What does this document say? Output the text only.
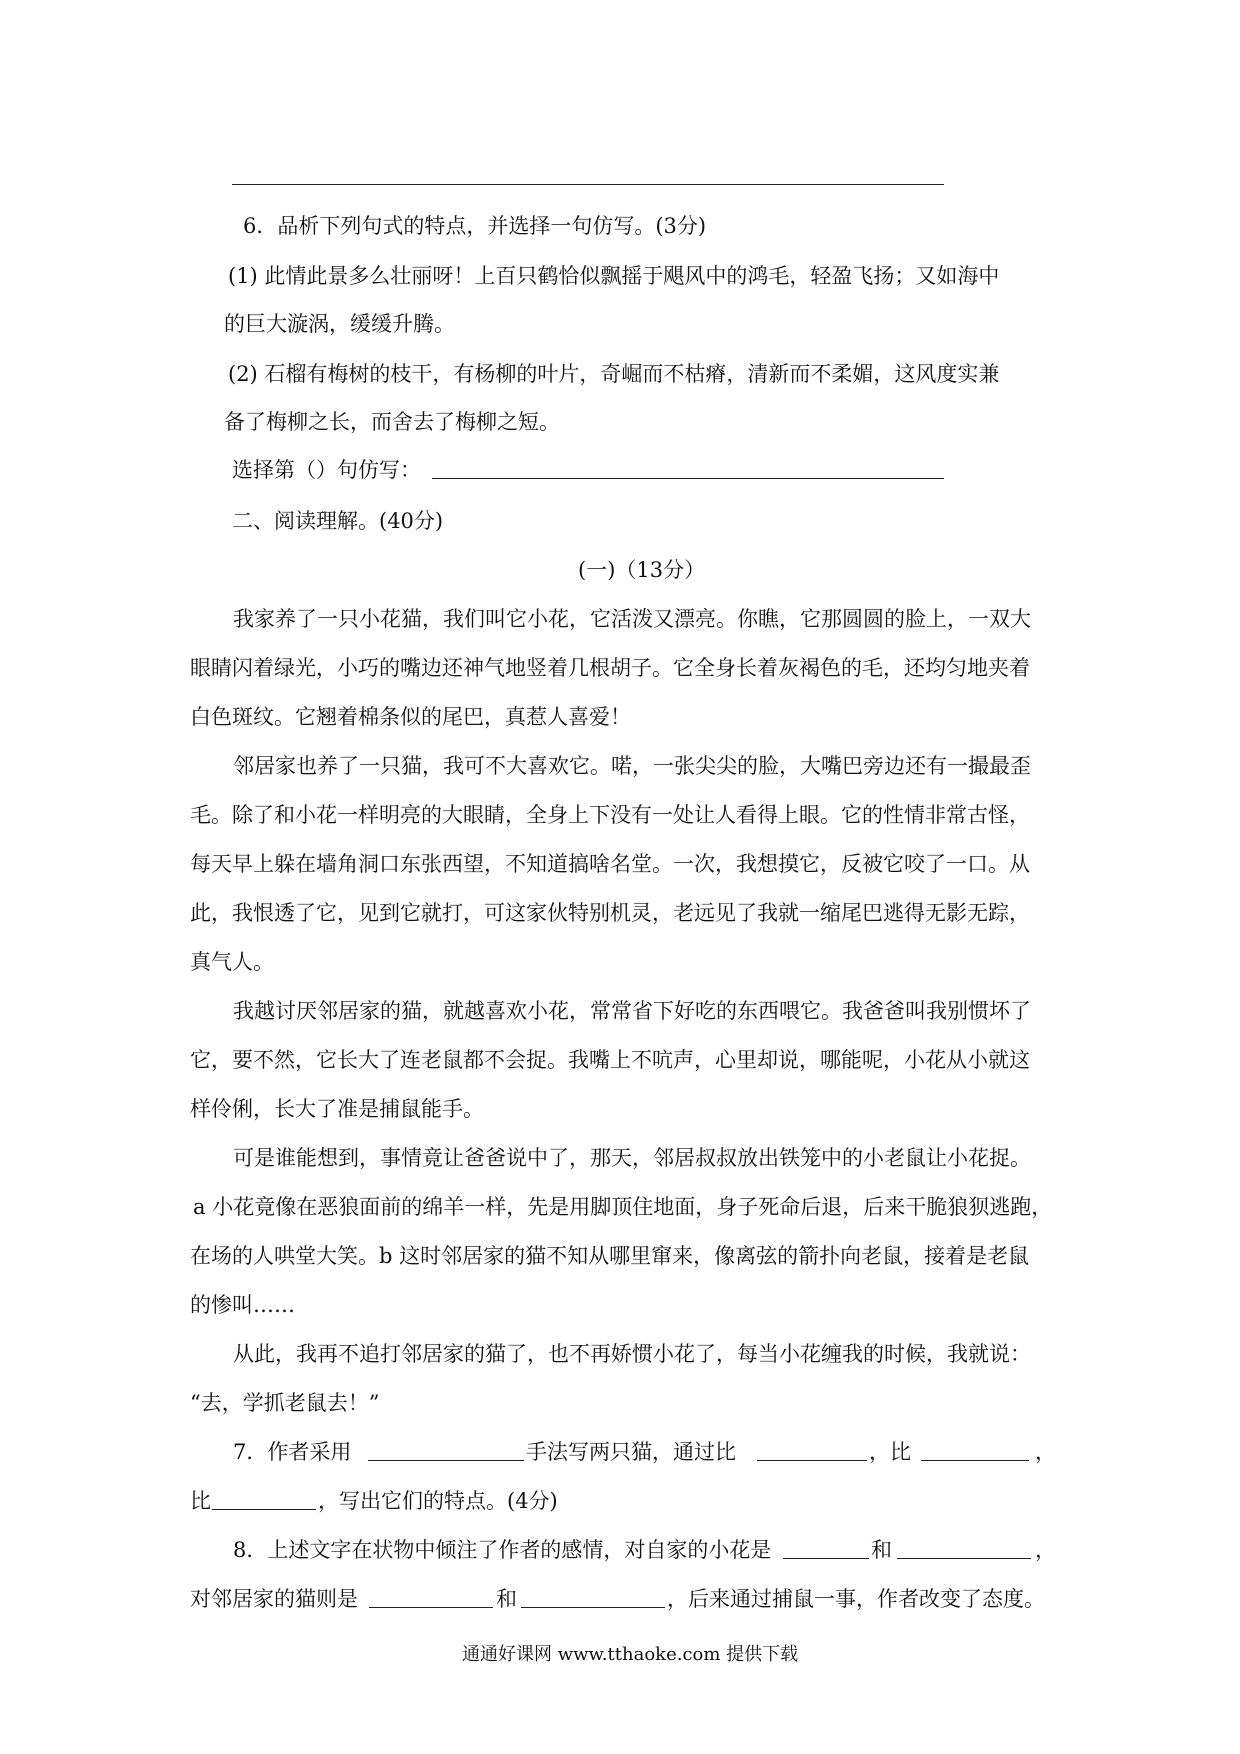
6．品析下列句式的特点，并选择一句仿写。(3分)
(1) 此情此景多么壮丽呀！上百只鹤恰似飘摇于飓风中的鸿毛，轻盈飞扬；又如海中
的巨大漩涡，缓缓升腾。
(2) 石榴有梅树的枝干，有杨柳的叶片，奇崛而不枯瘠，清新而不柔媚，这风度实兼
备了梅柳之长，而舍去了梅柳之短。
选择第（）句仿写：
二、阅读理解。(40分)
(一)（13分）
我家养了一只小花猫，我们叫它小花，它活泼又漂亮。你瞧，它那圆圆的脸上，一双大
眼睛闪着绿光，小巧的嘴边还神气地竖着几根胡子。它全身长着灰褐色的毛，还均匀地夹着
白色斑纹。它翘着棉条似的尾巴，真惹人喜爱！
邻居家也养了一只猫，我可不大喜欢它。喏，一张尖尖的脸，大嘴巴旁边还有一撮最歪
毛。除了和小花一样明亮的大眼睛，全身上下没有一处让人看得上眼。它的性情非常古怪，
每天早上躲在墙角洞口东张西望，不知道搞啥名堂。一次，我想摸它，反被它咬了一口。从
此，我恨透了它，见到它就打，可这家伙特别机灵，老远见了我就一缩尾巴逃得无影无踪，
真气人。
我越讨厌邻居家的猫，就越喜欢小花，常常省下好吃的东西喂它。我爸爸叫我别惯坏了
它，要不然，它长大了连老鼠都不会捉。我嘴上不吭声，心里却说，哪能呢，小花从小就这
样伶俐，长大了准是捕鼠能手。
可是谁能想到，事情竟让爸爸说中了，那天，邻居叔叔放出铁笼中的小老鼠让小花捉。
a 小花竟像在恶狼面前的绵羊一样，先是用脚顶住地面，身子死命后退，后来干脆狼狈逃跑，
在场的人哄堂大笑。b 这时邻居家的猫不知从哪里窜来，像离弦的箭扑向老鼠，接着是老鼠
的惨叫……
从此，我再不追打邻居家的猫了，也不再娇惯小花了，每当小花缠我的时候，我就说：
“去，学抓老鼠去！”
7．作者采用	手法写两只猫，通过比	，比	，
比	，写出它们的特点。(4分)
8．上述文字在状物中倾注了作者的感情，对自家的小花是	和	，
对邻居家的猫则是	和	，后来通过捕鼠一事，作者改变了态度。
通通好课网 www.tthaoke.com 提供下载
